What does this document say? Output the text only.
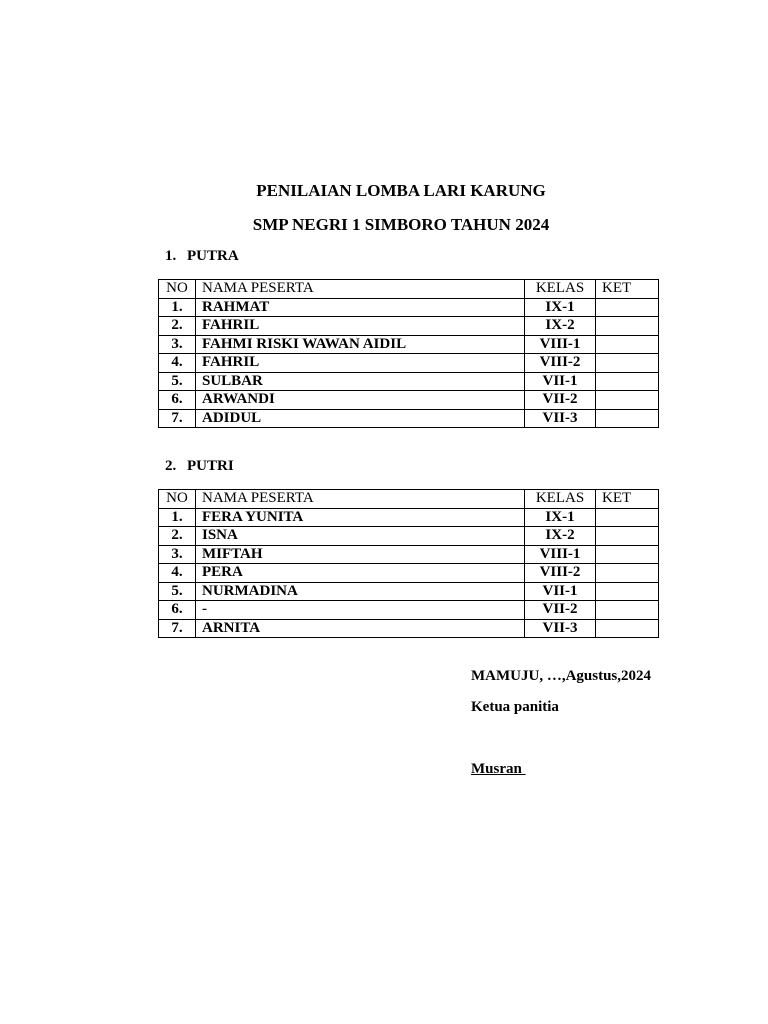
PENILAIAN LOMBA LARI KARUNG

SMP NEGRI 1 SIMBORO TAHUN 2024

1. PUTRA

NO	NAMA PESERTA	KELAS	KET
1.	RAHMAT	IX-1	
2.	FAHRIL	IX-2	
3.	FAHMI RISKI WAWAN AIDIL	VIII-1	
4.	FAHRIL	VIII-2	
5.	SULBAR	VII-1	
6.	ARWANDI	VII-2	
7.	ADIDUL	VII-3	

2. PUTRI

NO	NAMA PESERTA	KELAS	KET
1.	FERA YUNITA	IX-1	
2.	ISNA	IX-2	
3.	MIFTAH	VIII-1	
4.	PERA	VIII-2	
5.	NURMADINA	VII-1	
6.	-	VII-2	
7.	ARNITA	VII-3	

MAMUJU, …,Agustus,2024

Ketua panitia

Musran
